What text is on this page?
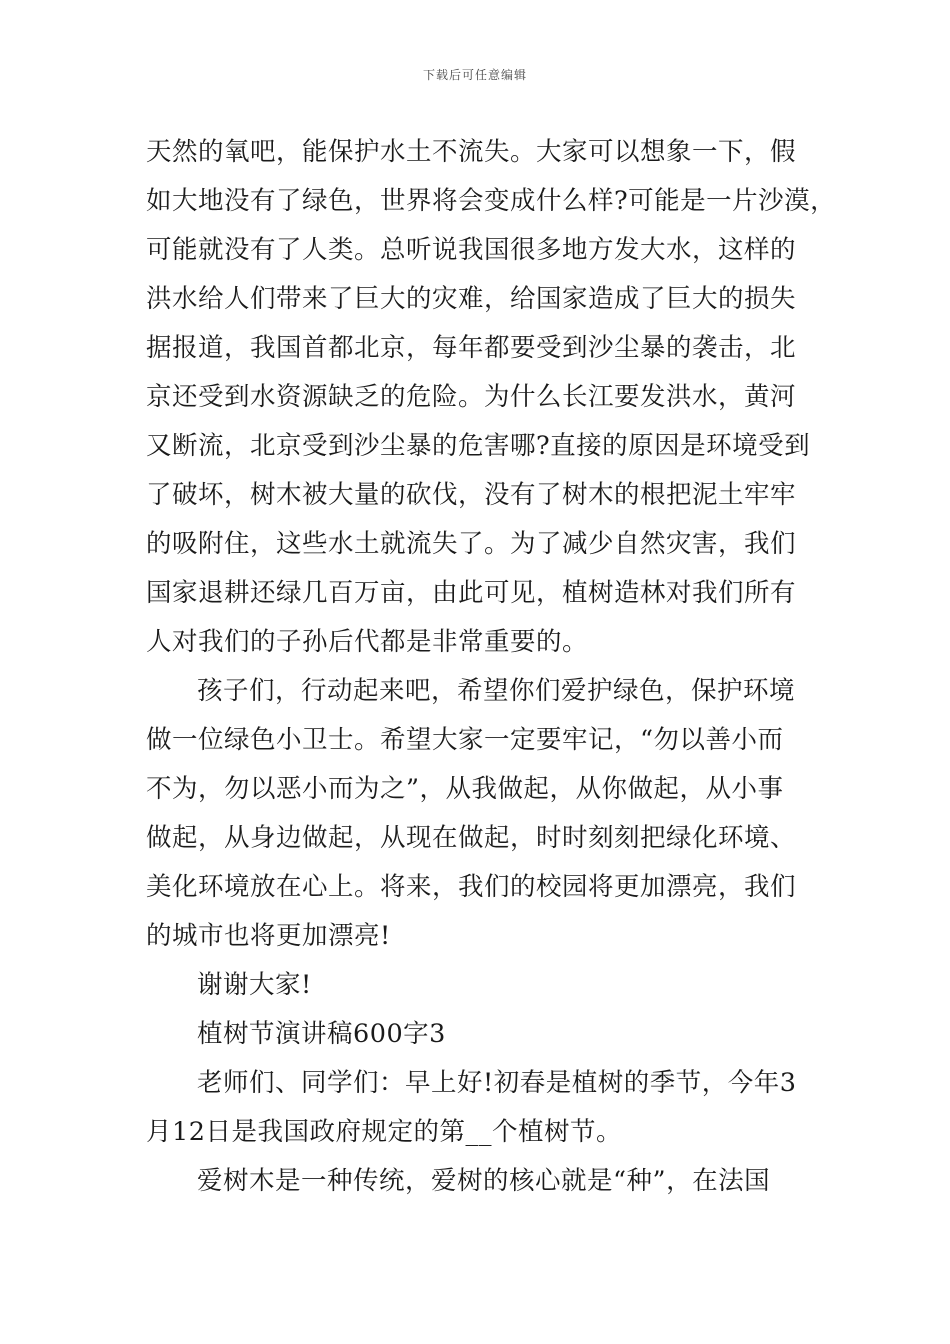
下载后可任意编辑
天然的氧吧，能保护水土不流失。大家可以想象一下，假
如大地没有了绿色，世界将会变成什么样?可能是一片沙漠，
可能就没有了人类。总听说我国很多地方发大水，这样的
洪水给人们带来了巨大的灾难，给国家造成了巨大的损失
据报道，我国首都北京，每年都要受到沙尘暴的袭击，北
京还受到水资源缺乏的危险。为什么长江要发洪水，黄河
又断流，北京受到沙尘暴的危害哪?直接的原因是环境受到
了破坏，树木被大量的砍伐，没有了树木的根把泥土牢牢
的吸附住，这些水土就流失了。为了减少自然灾害，我们
国家退耕还绿几百万亩，由此可见，植树造林对我们所有
人对我们的子孙后代都是非常重要的。
孩子们，行动起来吧，希望你们爱护绿色，保护环境
做一位绿色小卫士。希望大家一定要牢记，“勿以善小而
不为，勿以恶小而为之”，从我做起，从你做起，从小事
做起，从身边做起，从现在做起，时时刻刻把绿化环境、
美化环境放在心上。将来，我们的校园将更加漂亮，我们
的城市也将更加漂亮!
谢谢大家!
植树节演讲稿600字3
老师们、同学们：早上好!初春是植树的季节，今年3
月12日是我国政府规定的第__个植树节。
爱树木是一种传统，爱树的核心就是“种”，在法国
